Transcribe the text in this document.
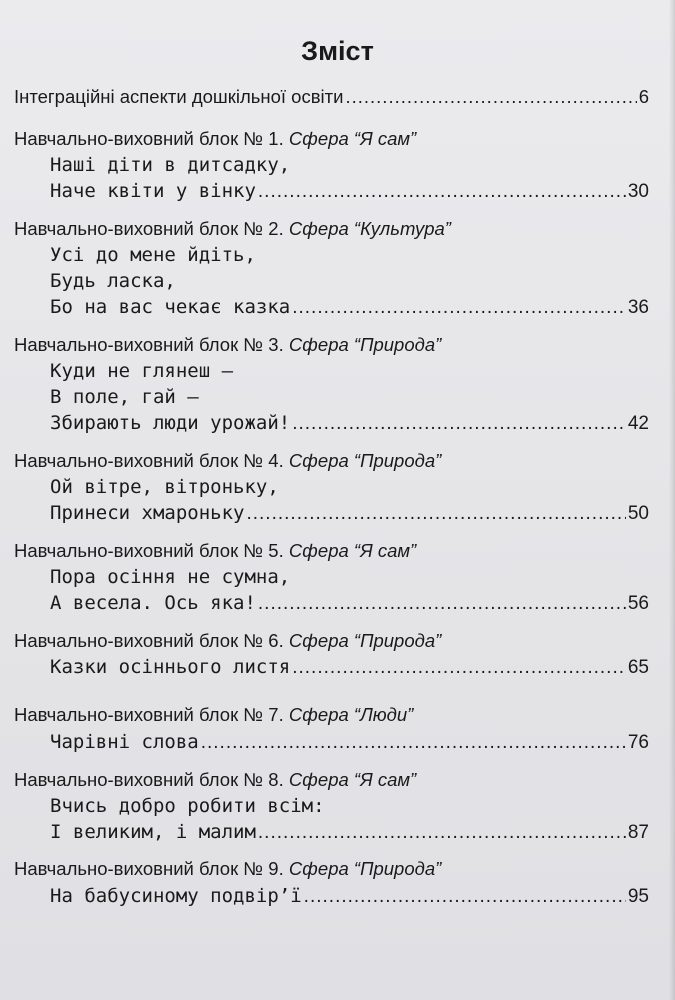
Зміст
Інтеграційні аспекти дошкільної освіти .....	6
Навчально-виховний блок № 1. Сфера “Я сам”
Наші діти в дитсадку,
Наче квіти у вінку .....	30
Навчально-виховний блок № 2. Сфера “Культура”
Усі до мене йдіть,
Будь ласка,
Бо на вас чекає казка .....	36
Навчально-виховний блок № 3. Сфера “Природа”
Куди не глянеш –
В поле, гай –
Збирають люди урожай! .....	42
Навчально-виховний блок № 4. Сфера “Природа”
Ой вітре, вітроньку,
Принеси хмароньку .....	50
Навчально-виховний блок № 5. Сфера “Я сам”
Пора осіння не сумна,
А весела. Ось яка! .....	56
Навчально-виховний блок № 6. Сфера “Природа”
Казки осіннього листя .....	65
Навчально-виховний блок № 7. Сфера “Люди”
Чарівні слова .....	76
Навчально-виховний блок № 8. Сфера “Я сам”
Вчись добро робити всім:
І великим, і малим .....	87
Навчально-виховний блок № 9. Сфера “Природа”
На бабусиному подвір’ї .....	95
